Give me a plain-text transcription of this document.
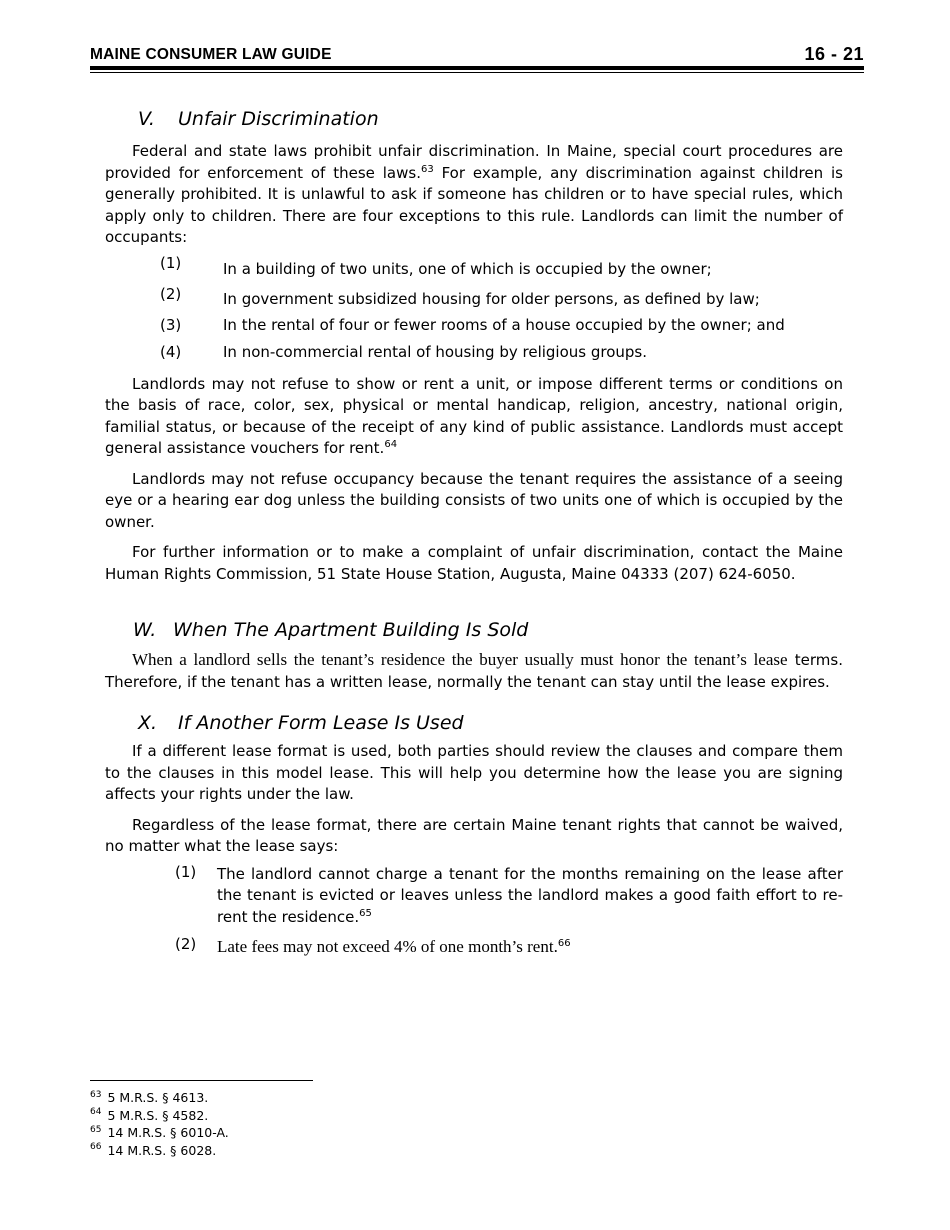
MAINE CONSUMER LAW GUIDE	16 - 21
V. Unfair Discrimination

Federal and state laws prohibit unfair discrimination. In Maine, special court procedures are provided for enforcement of these laws.$^{63}$ For example, any discrimination against children is generally prohibited. It is unlawful to ask if someone has children or to have special rules, which apply only to children. There are four exceptions to this rule. Landlords can limit the number of occupants:

(1)	In a building of two units, one of which is occupied by the owner;
(2)	In government subsidized housing for older persons, as defined by law;
(3)	In the rental of four or fewer rooms of a house occupied by the owner; and
(4)	In non-commercial rental of housing by religious groups.

Landlords may not refuse to show or rent a unit, or impose different terms or conditions on the basis of race, color, sex, physical or mental handicap, religion, ancestry, national origin, familial status, or because of the receipt of any kind of public assistance. Landlords must accept general assistance vouchers for rent.$^{64}$

Landlords may not refuse occupancy because the tenant requires the assistance of a seeing eye or a hearing ear dog unless the building consists of two units one of which is occupied by the owner.

For further information or to make a complaint of unfair discrimination, contact the Maine Human Rights Commission, 51 State House Station, Augusta, Maine 04333 (207) 624-6050.

W. When The Apartment Building Is Sold

When a landlord sells the tenant’s residence the buyer usually must honor the tenant’s lease terms. Therefore, if the tenant has a written lease, normally the tenant can stay until the lease expires.

X. If Another Form Lease Is Used

If a different lease format is used, both parties should review the clauses and compare them to the clauses in this model lease. This will help you determine how the lease you are signing affects your rights under the law.

Regardless of the lease format, there are certain Maine tenant rights that cannot be waived, no matter what the lease says:

(1) The landlord cannot charge a tenant for the months remaining on the lease after the tenant is evicted or leaves unless the landlord makes a good faith effort to re-rent the residence.$^{65}$
(2) Late fees may not exceed 4% of one month’s rent.$^{66}$
$^{63}$ 5 M.R.S. § 4613.
$^{64}$ 5 M.R.S. § 4582.
$^{65}$ 14 M.R.S. § 6010-A.
$^{66}$ 14 M.R.S. § 6028.
